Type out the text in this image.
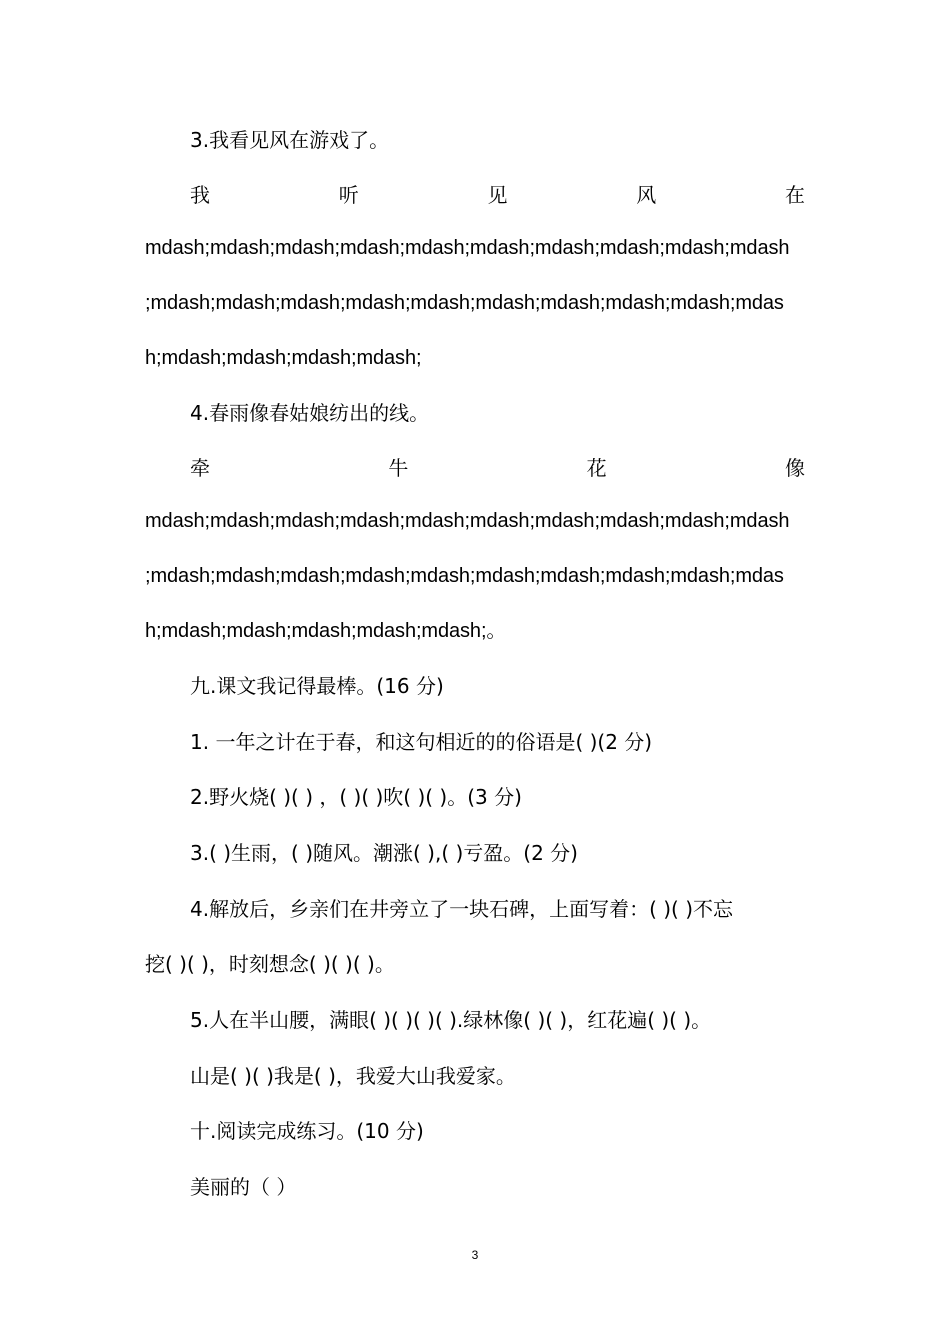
3.我看见风在游戏了。
我	听	见	风	在
mdash;mdash;mdash;mdash;mdash;mdash;mdash;mdash;mdash;mdash
;mdash;mdash;mdash;mdash;mdash;mdash;mdash;mdash;mdash;mdas
h;mdash;mdash;mdash;mdash;
4.春雨像春姑娘纺出的线。
牵	牛	花	像
mdash;mdash;mdash;mdash;mdash;mdash;mdash;mdash;mdash;mdash
;mdash;mdash;mdash;mdash;mdash;mdash;mdash;mdash;mdash;mdas
h;mdash;mdash;mdash;mdash;mdash;。
九.课文我记得最棒。(16 分)
1. 一年之计在于春，和这句相近的的俗语是( )(2 分)
2.野火烧( )( ) ，( )( )吹( )( )。(3 分)
3.( )生雨，( )随风。潮涨( ),( )亏盈。(2 分)
4.解放后，乡亲们在井旁立了一块石碑，上面写着：( )( )不忘
挖( )( )，时刻想念( )( )( )。
5.人在半山腰，满眼( )( )( )( ).绿林像( )( )，红花遍( )( )。
山是( )( )我是( )，我爱大山我爱家。
十.阅读完成练习。(10 分)
美丽的（ ）
3
